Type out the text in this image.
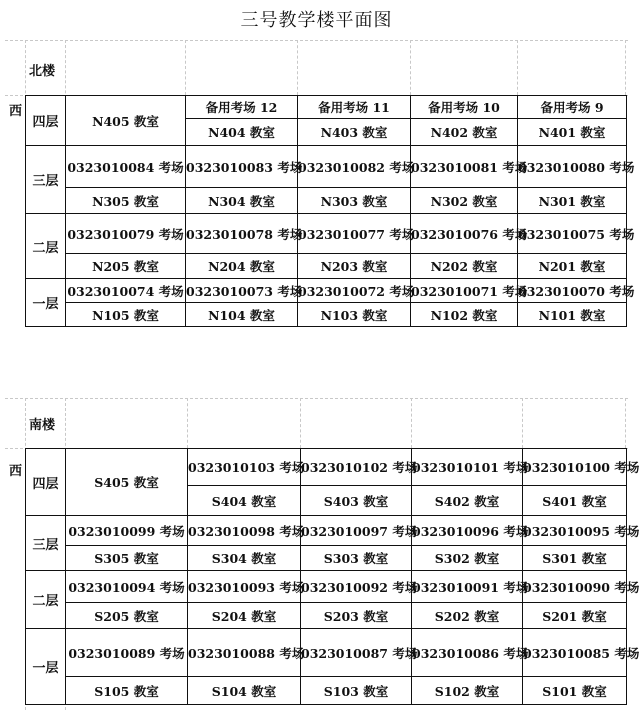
三号教学楼平面图
北楼
西
四层	N405 教室	备用考场 12	备用考场 11	备用考场 10	备用考场 9
		N404 教室	N403 教室	N402 教室	N401 教室
三层	0323010084 考场	0323010083 考场	0323010082 考场	0323010081 考场	0323010080 考场
	N305 教室	N304 教室	N303 教室	N302 教室	N301 教室
二层	0323010079 考场	0323010078 考场	0323010077 考场	0323010076 考场	0323010075 考场
	N205 教室	N204 教室	N203 教室	N202 教室	N201 教室
一层	0323010074 考场	0323010073 考场	0323010072 考场	0323010071 考场	0323010070 考场
	N105 教室	N104 教室	N103 教室	N102 教室	N101 教室
南楼
西
四层	S405 教室	0323010103 考场	0323010102 考场	0323010101 考场	0323010100 考场
		S404 教室	S403 教室	S402 教室	S401 教室
三层	0323010099 考场	0323010098 考场	0323010097 考场	0323010096 考场	0323010095 考场
	S305 教室	S304 教室	S303 教室	S302 教室	S301 教室
二层	0323010094 考场	0323010093 考场	0323010092 考场	0323010091 考场	0323010090 考场
	S205 教室	S204 教室	S203 教室	S202 教室	S201 教室
一层	0323010089 考场	0323010088 考场	0323010087 考场	0323010086 考场	0323010085 考场
	S105 教室	S104 教室	S103 教室	S102 教室	S101 教室
